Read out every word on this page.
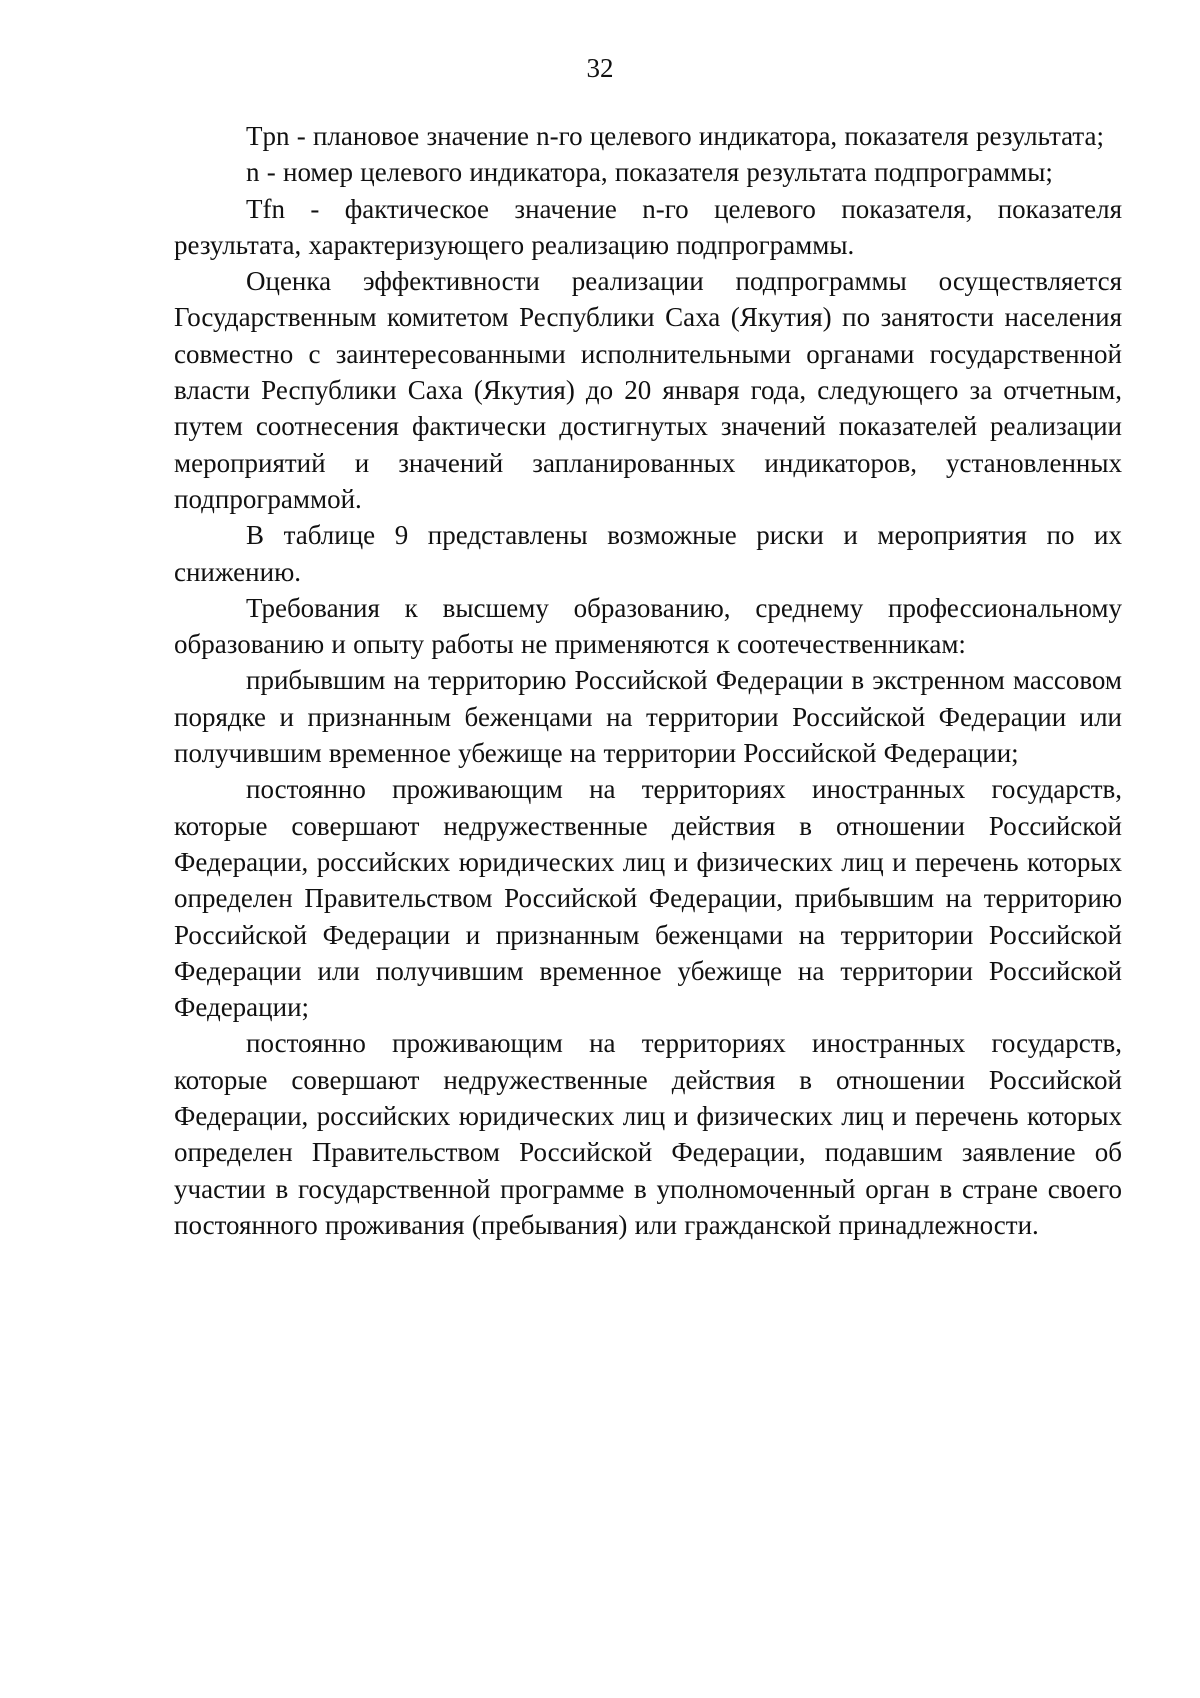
32

Tpn - плановое значение n-го целевого индикатора, показателя результата;

n - номер целевого индикатора, показателя результата подпрограммы;

Tfn - фактическое значение n-го целевого показателя, показателя результата, характеризующего реализацию подпрограммы.

Оценка эффективности реализации подпрограммы осуществляется Государственным комитетом Республики Саха (Якутия) по занятости населения совместно с заинтересованными исполнительными органами государственной власти Республики Саха (Якутия) до 20 января года, следующего за отчетным, путем соотнесения фактически достигнутых значений показателей реализации мероприятий и значений запланированных индикаторов, установленных подпрограммой.

В таблице 9 представлены возможные риски и мероприятия по их снижению.

Требования к высшему образованию, среднему профессиональному образованию и опыту работы не применяются к соотечественникам:

прибывшим на территорию Российской Федерации в экстренном массовом порядке и признанным беженцами на территории Российской Федерации или получившим временное убежище на территории Российской Федерации;

постоянно проживающим на территориях иностранных государств, которые совершают недружественные действия в отношении Российской Федерации, российских юридических лиц и физических лиц и перечень которых определен Правительством Российской Федерации, прибывшим на территорию Российской Федерации и признанным беженцами на территории Российской Федерации или получившим временное убежище на территории Российской Федерации;

постоянно проживающим на территориях иностранных государств, которые совершают недружественные действия в отношении Российской Федерации, российских юридических лиц и физических лиц и перечень которых определен Правительством Российской Федерации, подавшим заявление об участии в государственной программе в уполномоченный орган в стране своего постоянного проживания (пребывания) или гражданской принадлежности.
